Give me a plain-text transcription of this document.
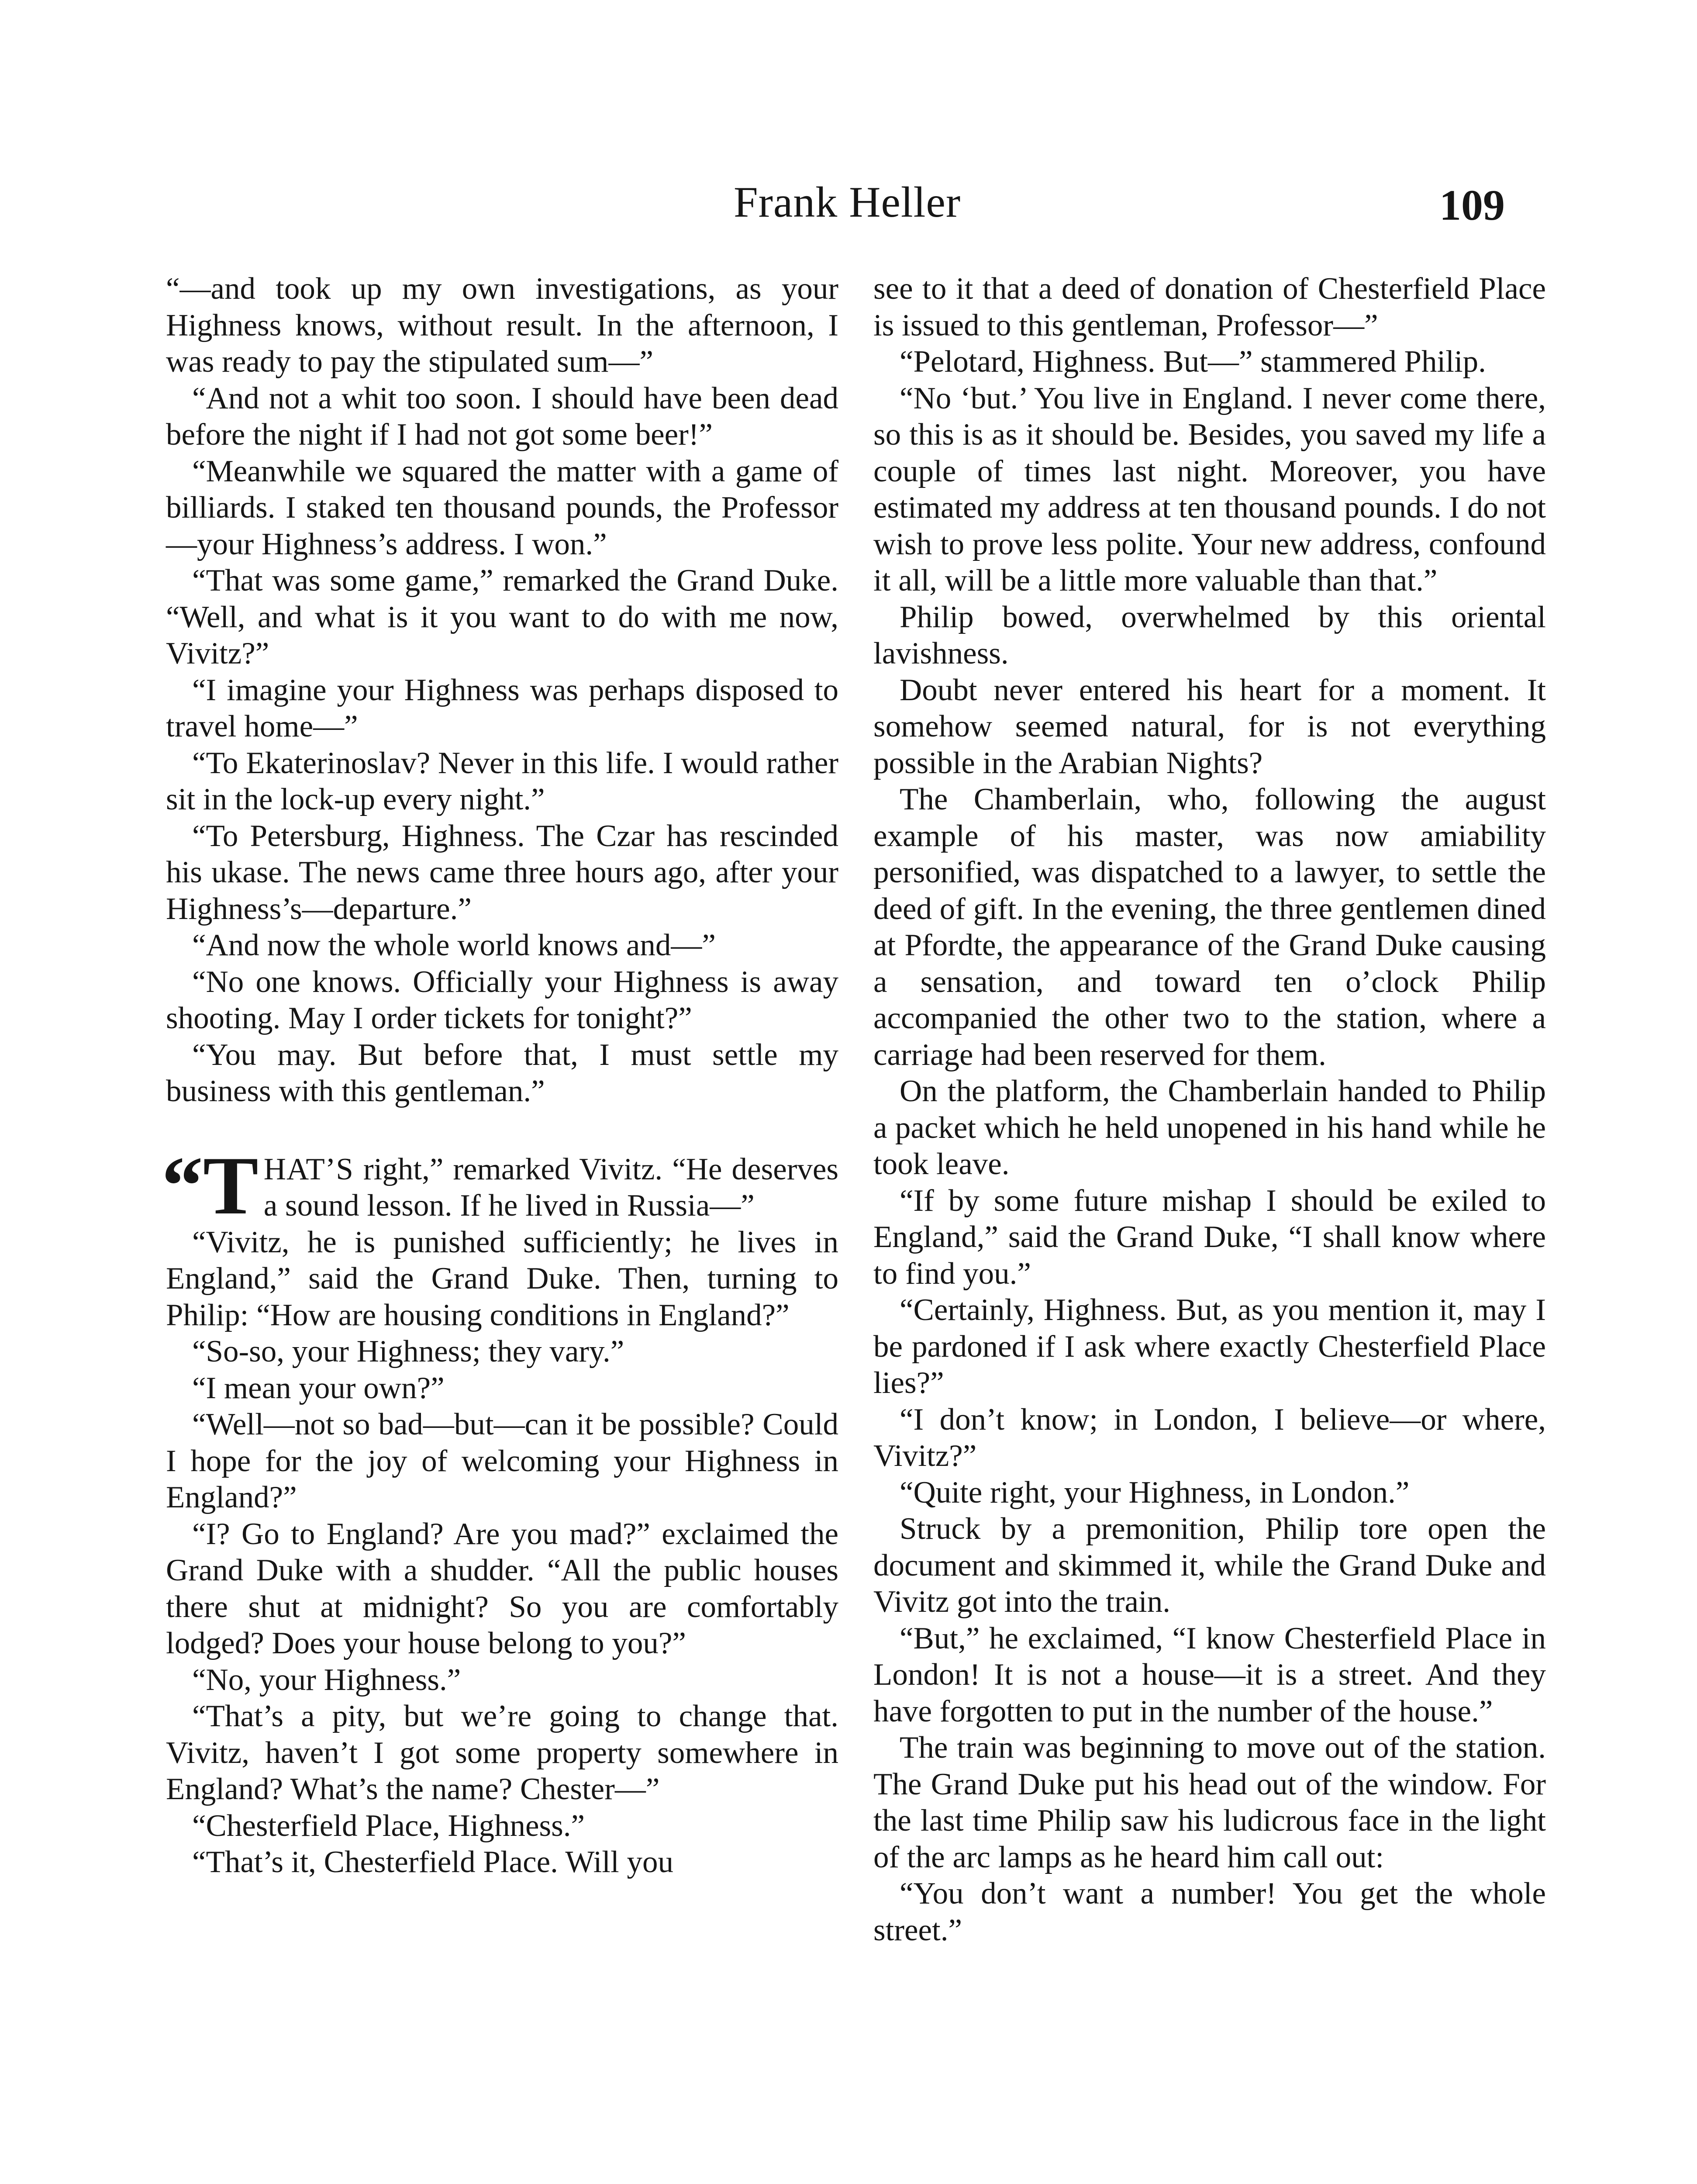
Frank Heller	109

“—and took up my own investigations, as your Highness knows, without result. In the afternoon, I was ready to pay the stipulated sum—”

“And not a whit too soon. I should have been dead before the night if I had not got some beer!”

“Meanwhile we squared the matter with a game of billiards. I staked ten thousand pounds, the Professor—your Highness’s address. I won.”

“That was some game,” remarked the Grand Duke. “Well, and what is it you want to do with me now, Vivitz?”

“I imagine your Highness was perhaps disposed to travel home—”

“To Ekaterinoslav? Never in this life. I would rather sit in the lock-up every night.”

“To Petersburg, Highness. The Czar has rescinded his ukase. The news came three hours ago, after your Highness’s—departure.”

“And now the whole world knows and—”

“No one knows. Officially your Highness is away shooting. May I order tickets for tonight?”

“You may. But before that, I must settle my business with this gentleman.”

“T HAT’S right,” remarked Vivitz. “He deserves a sound lesson. If he lived in Russia—”

“Vivitz, he is punished sufficiently; he lives in England,” said the Grand Duke. Then, turning to Philip: “How are housing conditions in England?”

“So-so, your Highness; they vary.”

“I mean your own?”

“Well—not so bad—but—can it be possible? Could I hope for the joy of welcoming your Highness in England?”

“I? Go to England? Are you mad?” exclaimed the Grand Duke with a shudder. “All the public houses there shut at midnight? So you are comfortably lodged? Does your house belong to you?”

“No, your Highness.”

“That’s a pity, but we’re going to change that. Vivitz, haven’t I got some property somewhere in England? What’s the name? Chester—”

“Chesterfield Place, Highness.”

“That’s it, Chesterfield Place. Will you

see to it that a deed of donation of Chesterfield Place is issued to this gentleman, Professor—”

“Pelotard, Highness. But—” stammered Philip.

“No ‘but.’ You live in England. I never come there, so this is as it should be. Besides, you saved my life a couple of times last night. Moreover, you have estimated my address at ten thousand pounds. I do not wish to prove less polite. Your new address, confound it all, will be a little more valuable than that.”

Philip bowed, overwhelmed by this oriental lavishness.

Doubt never entered his heart for a moment. It somehow seemed natural, for is not everything possible in the Arabian Nights?

The Chamberlain, who, following the august example of his master, was now amiability personified, was dispatched to a lawyer, to settle the deed of gift. In the evening, the three gentlemen dined at Pfordte, the appearance of the Grand Duke causing a sensation, and toward ten o’clock Philip accompanied the other two to the station, where a carriage had been reserved for them.

On the platform, the Chamberlain handed to Philip a packet which he held unopened in his hand while he took leave.

“If by some future mishap I should be exiled to England,” said the Grand Duke, “I shall know where to find you.”

“Certainly, Highness. But, as you mention it, may I be pardoned if I ask where exactly Chesterfield Place lies?”

“I don’t know; in London, I believe—or where, Vivitz?”

“Quite right, your Highness, in London.”

Struck by a premonition, Philip tore open the document and skimmed it, while the Grand Duke and Vivitz got into the train.

“But,” he exclaimed, “I know Chesterfield Place in London! It is not a house—it is a street. And they have forgotten to put in the number of the house.”

The train was beginning to move out of the station. The Grand Duke put his head out of the window. For the last time Philip saw his ludicrous face in the light of the arc lamps as he heard him call out:

“You don’t want a number! You get the whole street.”
